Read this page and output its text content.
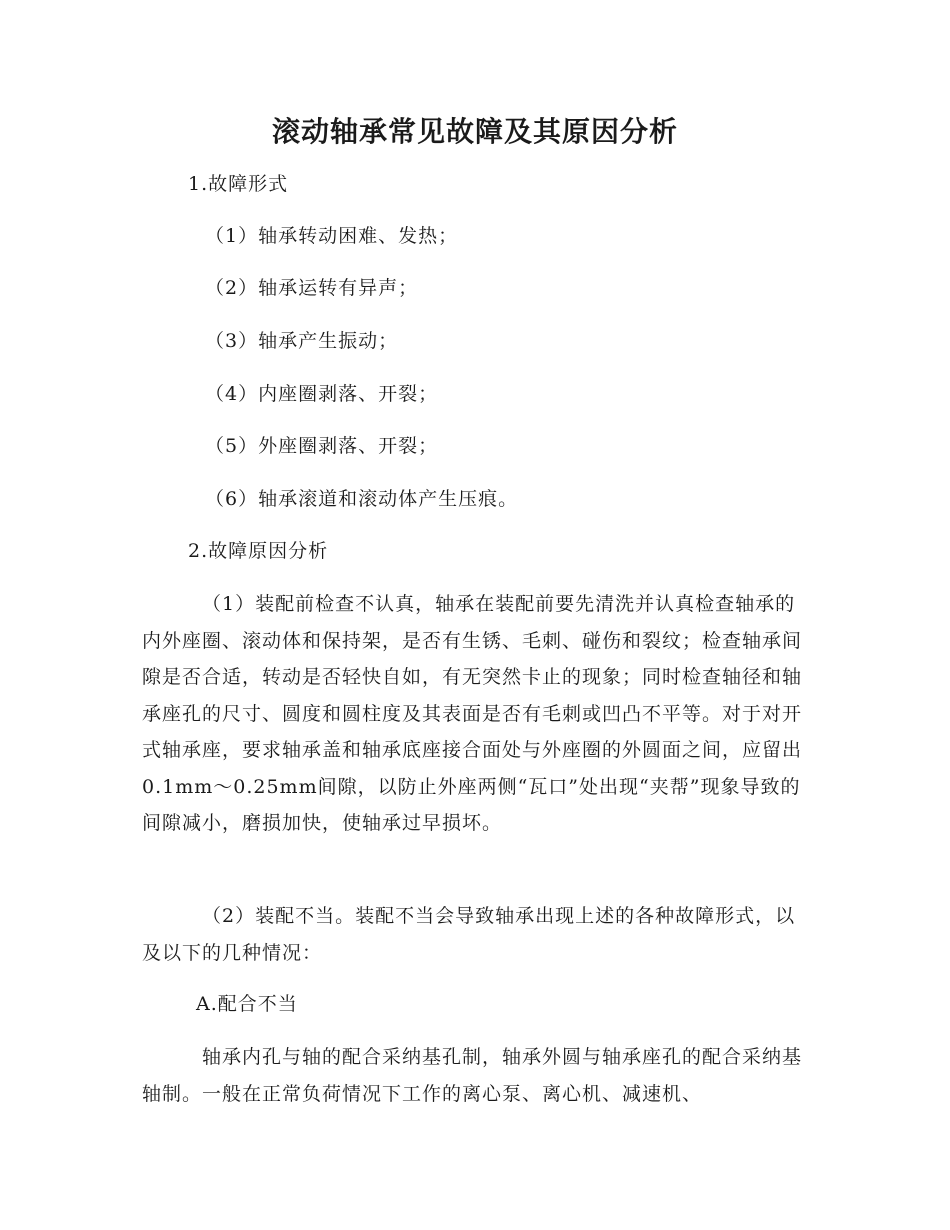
滚动轴承常见故障及其原因分析
1.故障形式
（1）轴承转动困难、发热；
（2）轴承运转有异声；
（3）轴承产生振动；
（4）内座圈剥落、开裂；
（5）外座圈剥落、开裂；
（6）轴承滚道和滚动体产生压痕。
2.故障原因分析

（1）装配前检查不认真，轴承在装配前要先清洗并认真检查轴承的内外座圈、滚动体和保持架，是否有生锈、毛刺、碰伤和裂纹；检查轴承间隙是否合适，转动是否轻快自如，有无突然卡止的现象；同时检查轴径和轴承座孔的尺寸、圆度和圆柱度及其表面是否有毛刺或凹凸不平等。对于对开式轴承座，要求轴承盖和轴承底座接合面处与外座圈的外圆面之间，应留出0.1mm～0.25mm间隙，以防止外座两侧“瓦口”处出现“夹帮”现象导致的间隙减小，磨损加快，使轴承过早损坏。

（2）装配不当。装配不当会导致轴承出现上述的各种故障形式，以及以下的几种情况：

A.配合不当

轴承内孔与轴的配合采纳基孔制，轴承外圆与轴承座孔的配合采纳基轴制。一般在正常负荷情况下工作的离心泵、离心机、减速机、
